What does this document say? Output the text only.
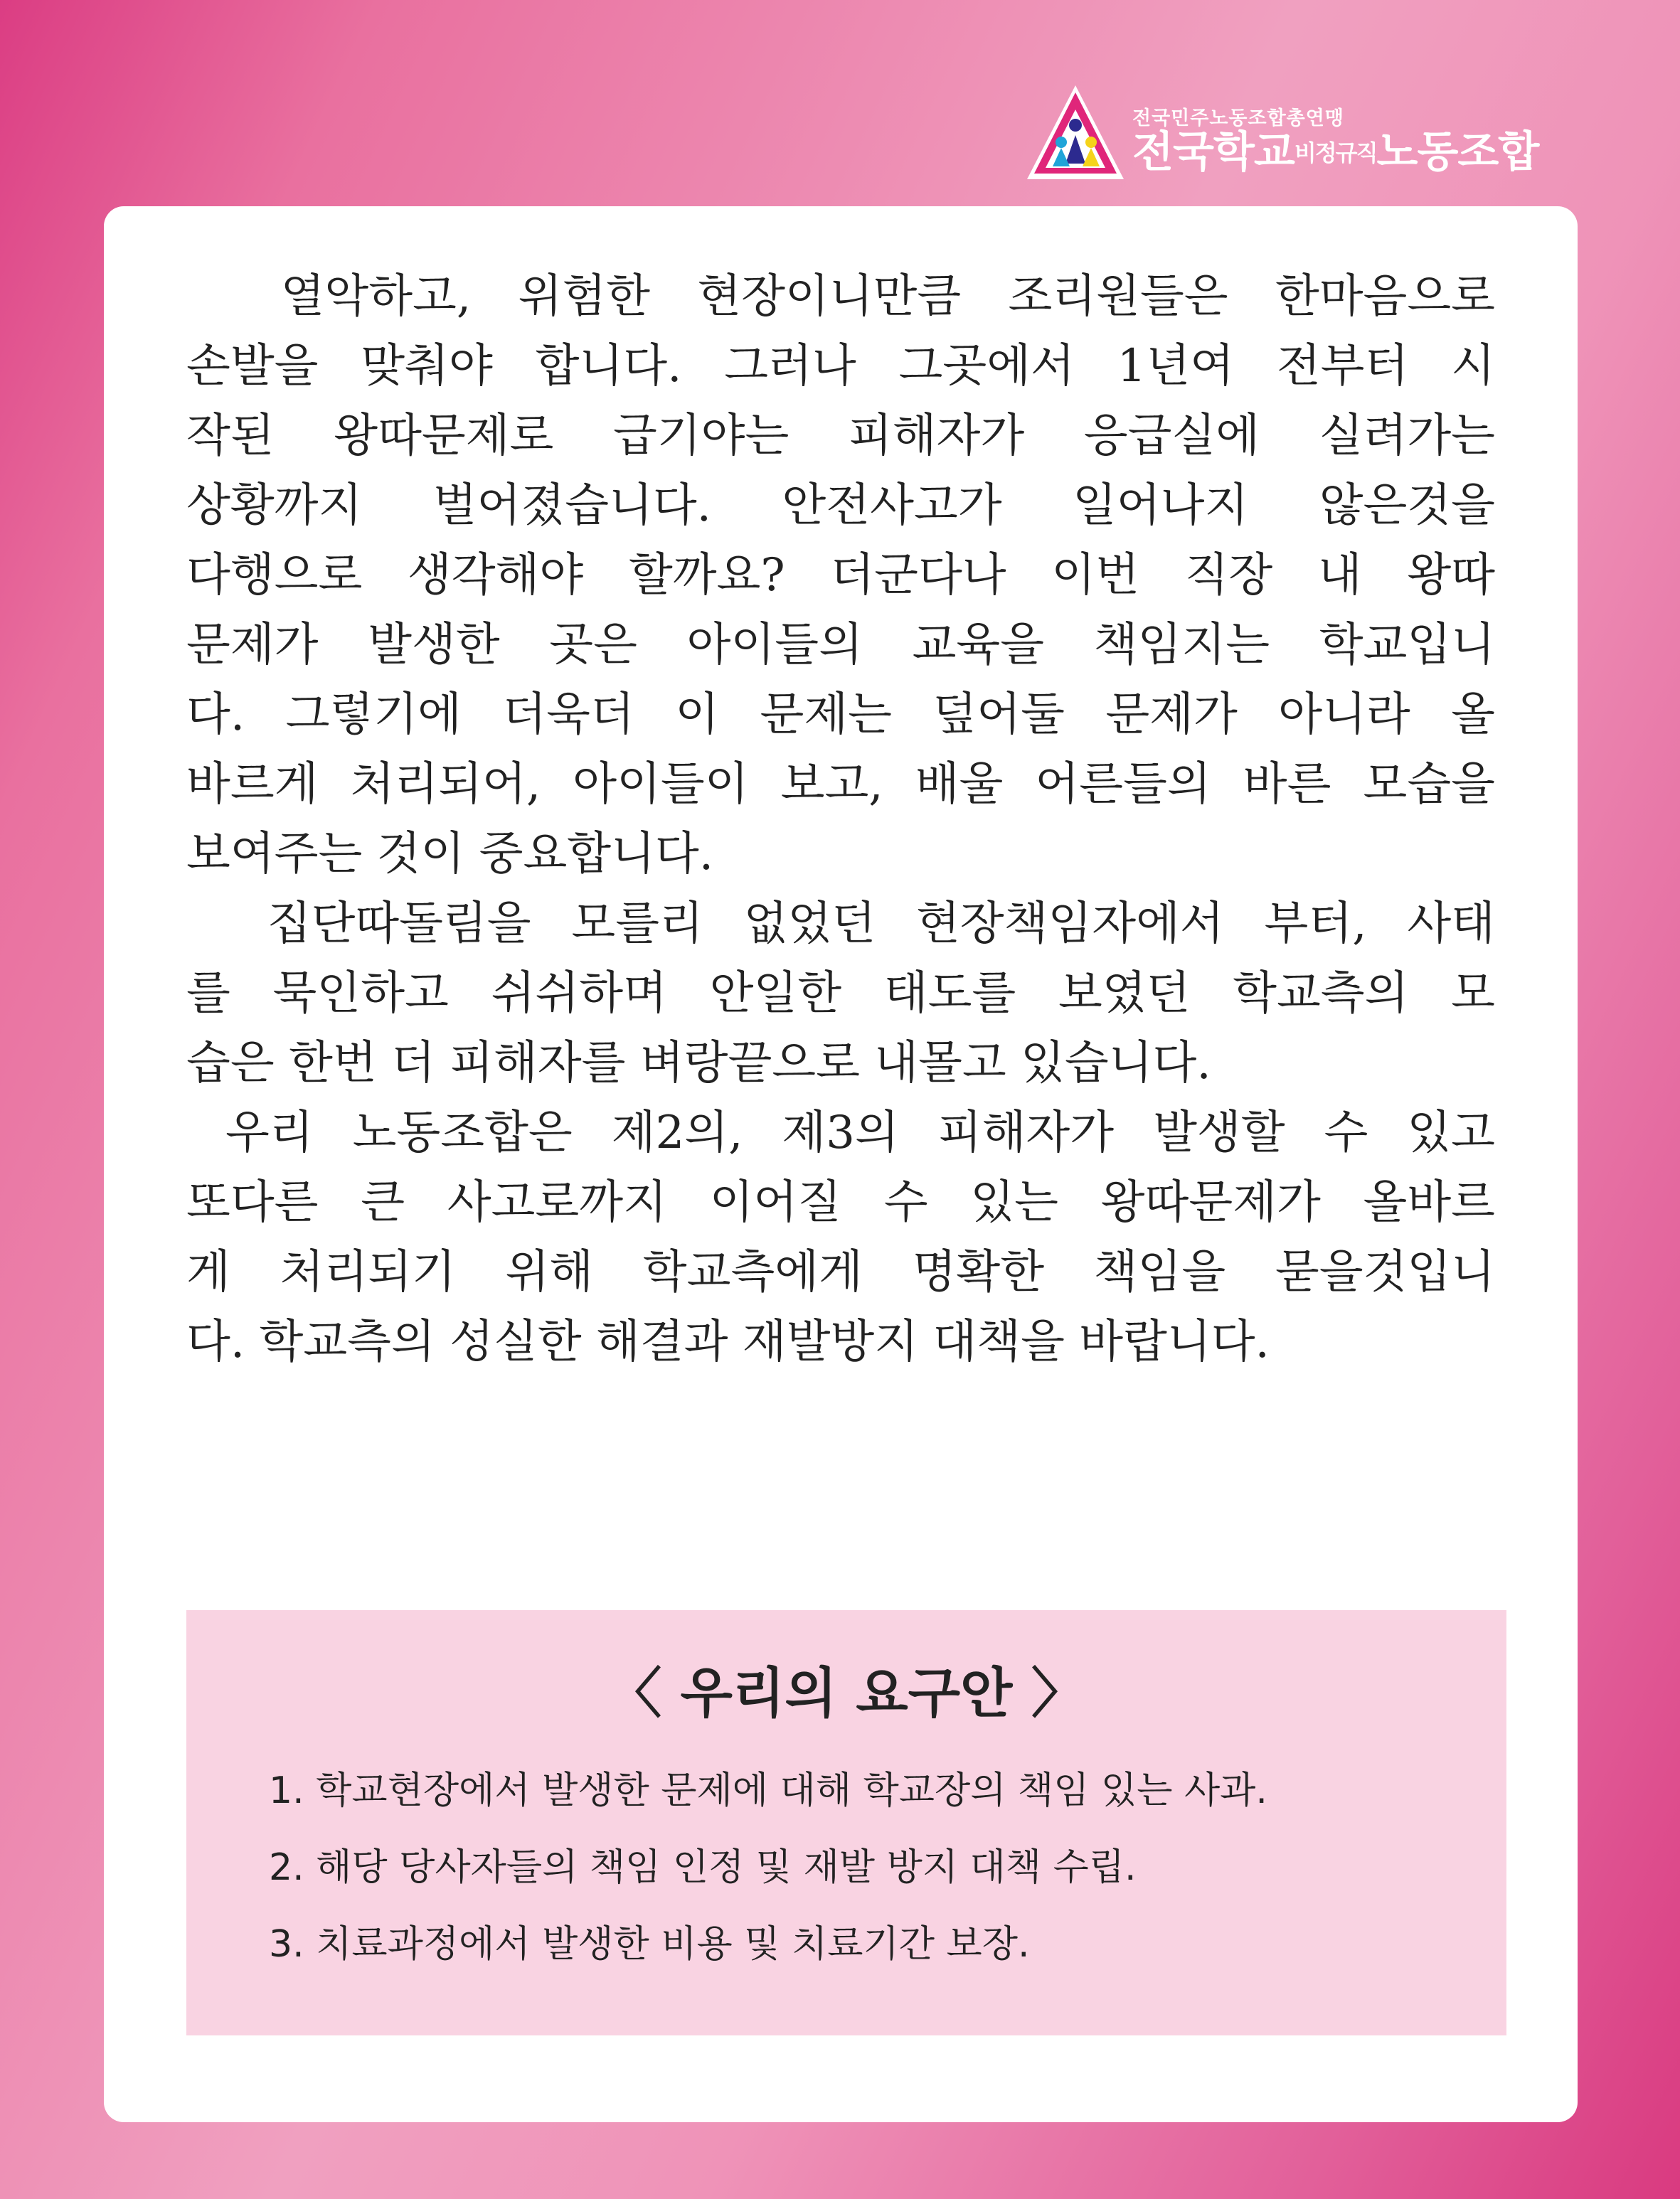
전국민주노동조합총연맹
전국학교비정규직노동조합
열악하고, 위험한 현장이니만큼 조리원들은 한마음으로
손발을 맞춰야 합니다. 그러나 그곳에서 1년여 전부터 시
작된 왕따문제로 급기야는 피해자가 응급실에 실려가는
상황까지 벌어졌습니다. 안전사고가 일어나지 않은것을
다행으로 생각해야 할까요? 더군다나 이번 직장 내 왕따
문제가 발생한 곳은 아이들의 교육을 책임지는 학교입니
다. 그렇기에 더욱더 이 문제는 덮어둘 문제가 아니라 올
바르게 처리되어, 아이들이 보고, 배울 어른들의 바른 모습을
보여주는 것이 중요합니다.
집단따돌림을 모를리 없었던 현장책임자에서 부터, 사태
를 묵인하고 쉬쉬하며 안일한 태도를 보였던 학교측의 모
습은 한번 더 피해자를 벼랑끝으로 내몰고 있습니다.
우리 노동조합은 제2의, 제3의 피해자가 발생할 수 있고
또다른 큰 사고로까지 이어질 수 있는 왕따문제가 올바르
게 처리되기 위해 학교측에게 명확한 책임을 묻을것입니
다. 학교측의 성실한 해결과 재발방지 대책을 바랍니다.
〈 우리의 요구안 〉
1. 학교현장에서 발생한 문제에 대해 학교장의 책임 있는 사과.
2. 해당 당사자들의 책임 인정 및 재발 방지 대책 수립.
3. 치료과정에서 발생한 비용 및 치료기간 보장.
